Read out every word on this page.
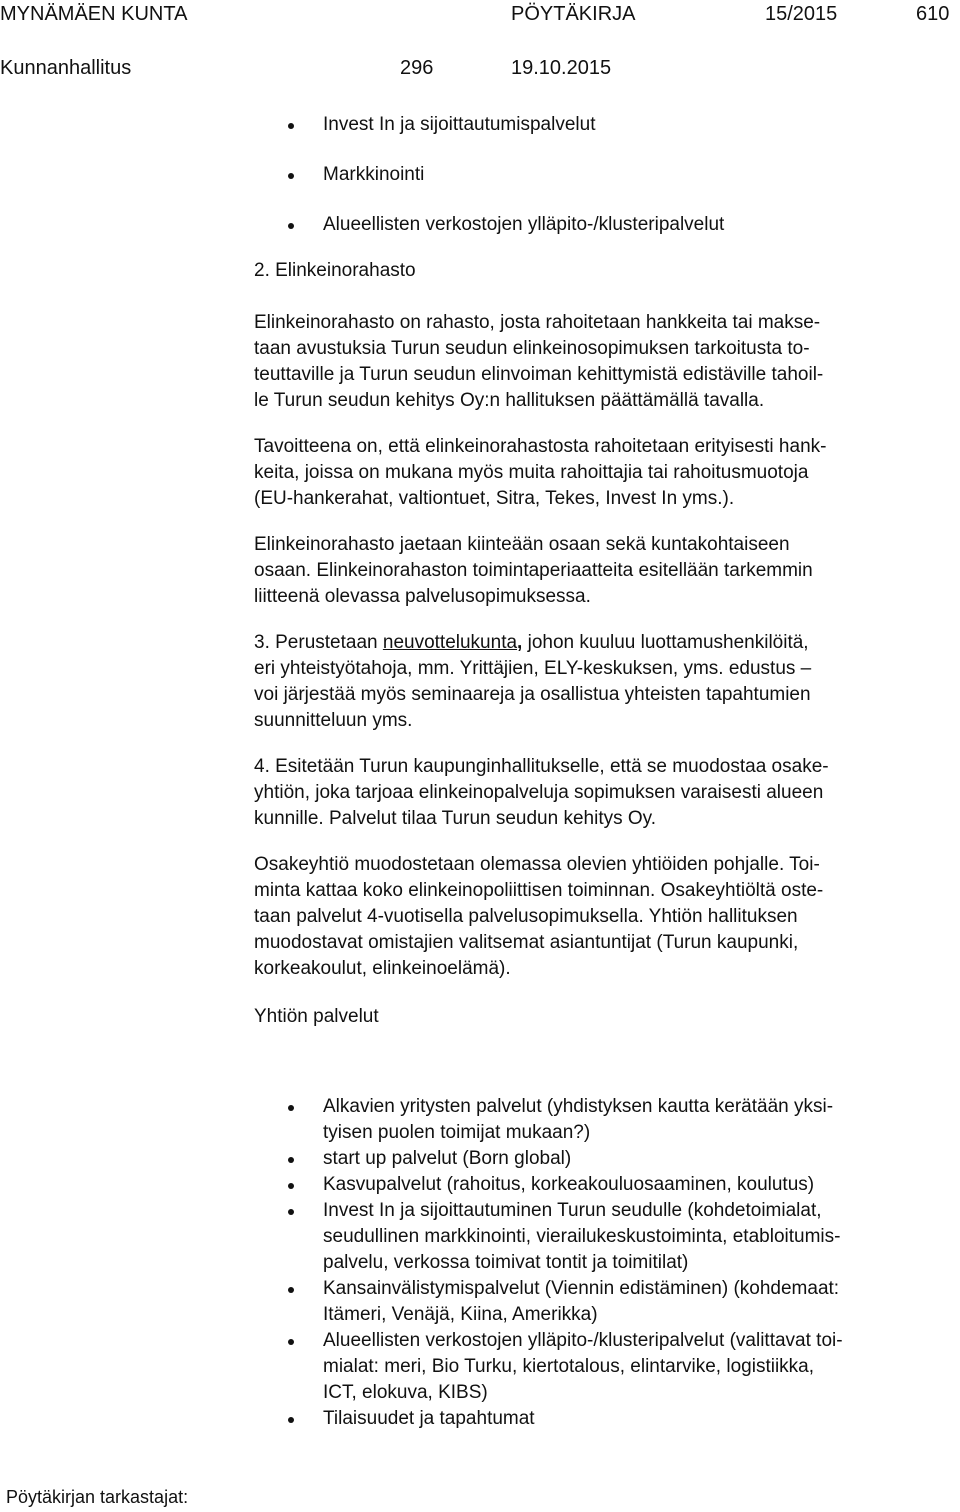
MYNÄMÄEN KUNTA	PÖYTÄKIRJA	15/2015	610
Kunnanhallitus	296	19.10.2015
Invest In ja sijoittautumispalvelut
Markkinointi
Alueellisten verkostojen ylläpito-/klusteripalvelut

2. Elinkeinorahasto

Elinkeinorahasto on rahasto, josta rahoitetaan hankkeita tai makse-
taan avustuksia Turun seudun elinkeinosopimuksen tarkoitusta to-
teuttaville ja Turun seudun elinvoiman kehittymistä edistäville tahoil-
le Turun seudun kehitys Oy:n hallituksen päättämällä tavalla.

Tavoitteena on, että elinkeinorahastosta rahoitetaan erityisesti hank-
keita, joissa on mukana myös muita rahoittajia tai rahoitusmuotoja
(EU-hankerahat, valtiontuet, Sitra, Tekes, Invest In yms.).

Elinkeinorahasto jaetaan kiinteään osaan sekä kuntakohtaiseen
osaan. Elinkeinorahaston toimintaperiaatteita esitellään tarkemmin
liitteenä olevassa palvelusopimuksessa.

3. Perustetaan neuvottelukunta, johon kuuluu luottamushenkilöitä,
eri yhteistyötahoja, mm. Yrittäjien, ELY-keskuksen, yms. edustus –
voi järjestää myös seminaareja ja osallistua yhteisten tapahtumien
suunnitteluun yms.

4. Esitetään Turun kaupunginhallitukselle, että se muodostaa osake-
yhtiön, joka tarjoaa elinkeinopalveluja sopimuksen varaisesti alueen
kunnille. Palvelut tilaa Turun seudun kehitys Oy.

Osakeyhtiö muodostetaan olemassa olevien yhtiöiden pohjalle. Toi-
minta kattaa koko elinkeinopoliittisen toiminnan. Osakeyhtiöltä oste-
taan palvelut 4-vuotisella palvelusopimuksella. Yhtiön hallituksen
muodostavat omistajien valitsemat asiantuntijat (Turun kaupunki,
korkeakoulut, elinkeinoelämä).

Yhtiön palvelut

Alkavien yritysten palvelut (yhdistyksen kautta kerätään yksi-
tyisen puolen toimijat mukaan?)
start up palvelut (Born global)
Kasvupalvelut (rahoitus, korkeakouluosaaminen, koulutus)
Invest In ja sijoittautuminen Turun seudulle (kohdetoimialat,
seudullinen markkinointi, vierailukeskustoiminta, etabloitumis-
palvelu, verkossa toimivat tontit ja toimitilat)
Kansainvälistymispalvelut (Viennin edistäminen) (kohdemaat:
Itämeri, Venäjä, Kiina, Amerikka)
Alueellisten verkostojen ylläpito-/klusteripalvelut (valittavat toi-
mialat: meri, Bio Turku, kiertotalous, elintarvike, logistiikka,
ICT, elokuva, KIBS)
Tilaisuudet ja tapahtumat
Pöytäkirjan tarkastajat:
